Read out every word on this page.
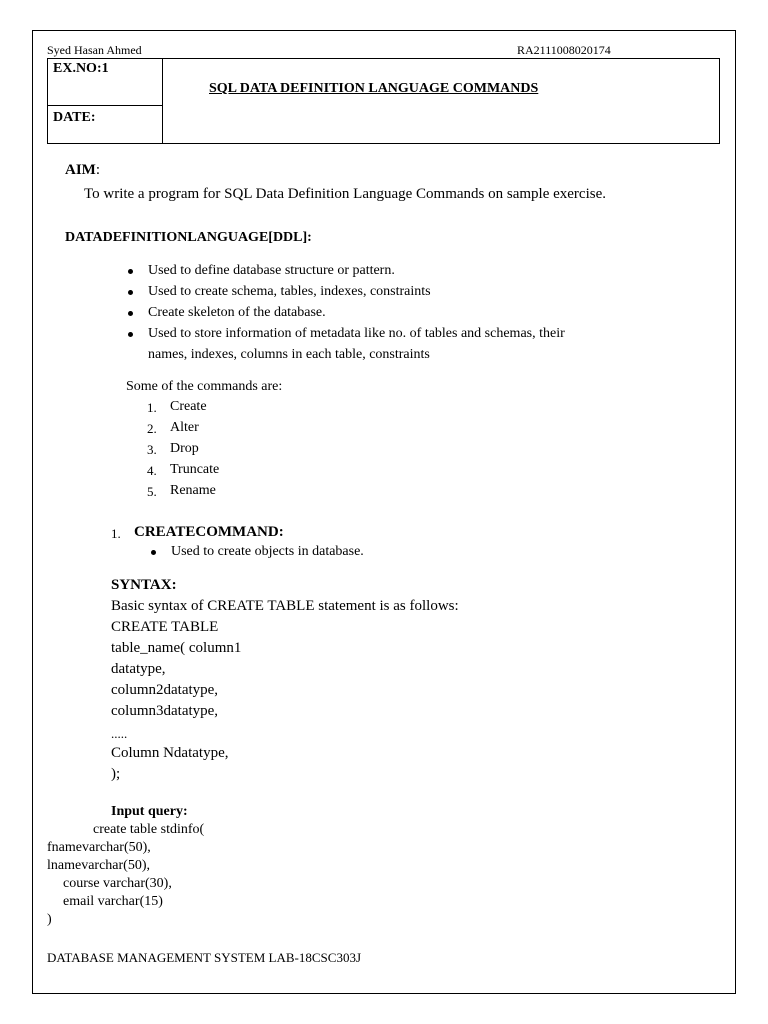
Syed Hasan Ahmed	RA2111008020174
EX.NO:1
DATE:
SQL DATA DEFINITION LANGUAGE COMMANDS
AIM:
To write a program for SQL Data Definition Language Commands on sample exercise.
DATADEFINITIONLANGUAGE[DDL]:
Used to define database structure or pattern.
Used to create schema, tables, indexes, constraints
Create skeleton of the database.
Used to store information of metadata like no. of tables and schemas, their
names, indexes, columns in each table, constraints
Some of the commands are:
1. Create
2. Alter
3. Drop
4. Truncate
5. Rename
1. CREATECOMMAND:
Used to create objects in database.
SYNTAX:
Basic syntax of CREATE TABLE statement is as follows:
CREATE TABLE
table_name( column1
datatype,
column2datatype,
column3datatype,
.....
Column Ndatatype,
);
Input query:
create table stdinfo(
fnamevarchar(50),
lnamevarchar(50),
course varchar(30),
email varchar(15)
)
DATABASE MANAGEMENT SYSTEM LAB-18CSC303J
